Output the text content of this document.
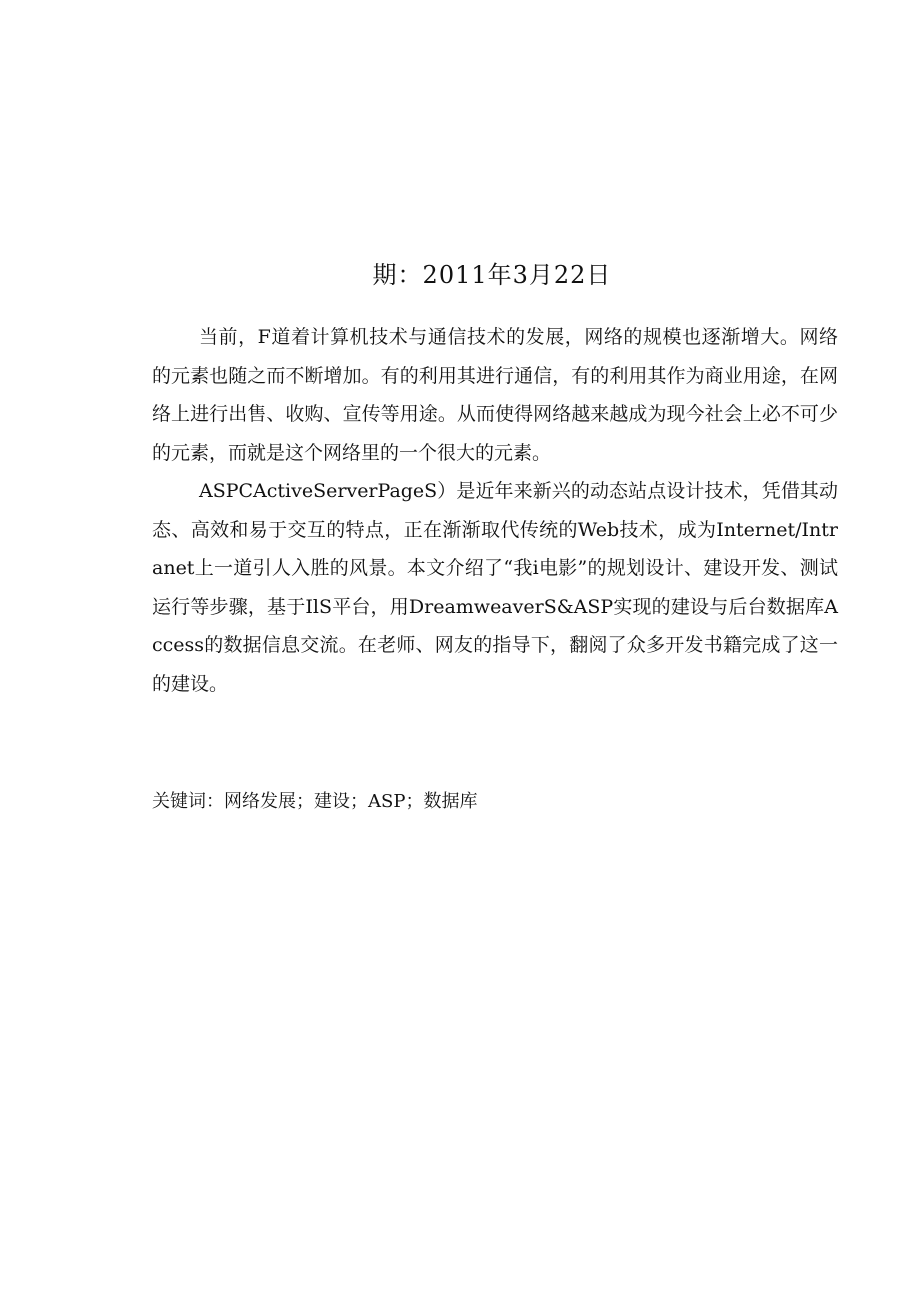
期：2011年3月22日

当前，F道着计算机技术与通信技术的发展，网络的规模也逐渐增大。网络的元素也随之而不断增加。有的利用其进行通信，有的利用其作为商业用途，在网络上进行出售、收购、宣传等用途。从而使得网络越来越成为现今社会上必不可少的元素，而就是这个网络里的一个很大的元素。

ASPCActiveServerPageS）是近年来新兴的动态站点设计技术，凭借其动态、高效和易于交互的特点，正在渐渐取代传统的Web技术，成为Internet/Intranet上一道引人入胜的风景。本文介绍了“我i电影”的规划设计、建设开发、测试运行等步骤，基于IlS平台，用DreamweaverS&ASP实现的建设与后台数据库Access的数据信息交流。在老师、网友的指导下，翻阅了众多开发书籍完成了这一的建设。

关键词：网络发展；建设；ASP；数据库
